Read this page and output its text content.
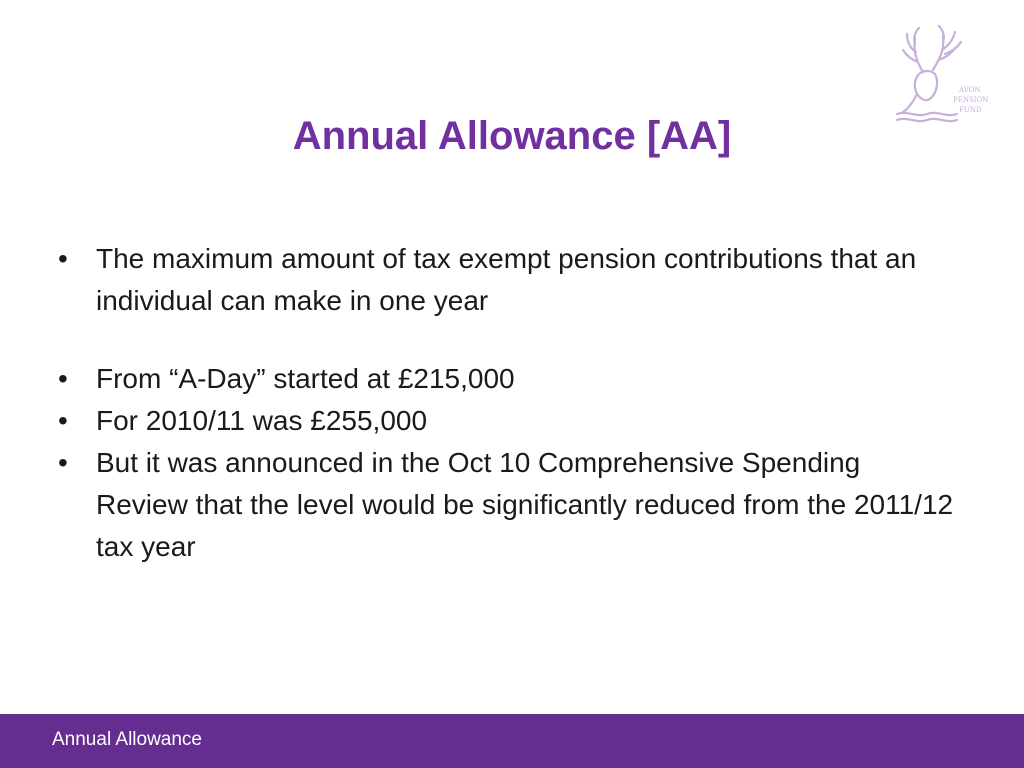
AVON
PENSION
FUND
Annual Allowance [AA]
• The maximum amount of tax exempt pension contributions that an individual can make in one year
• From “A-Day” started at £215,000
• For 2010/11 was £255,000
• But it was announced in the Oct 10 Comprehensive Spending Review that the level would be significantly reduced from the 2011/12 tax year
Annual Allowance
